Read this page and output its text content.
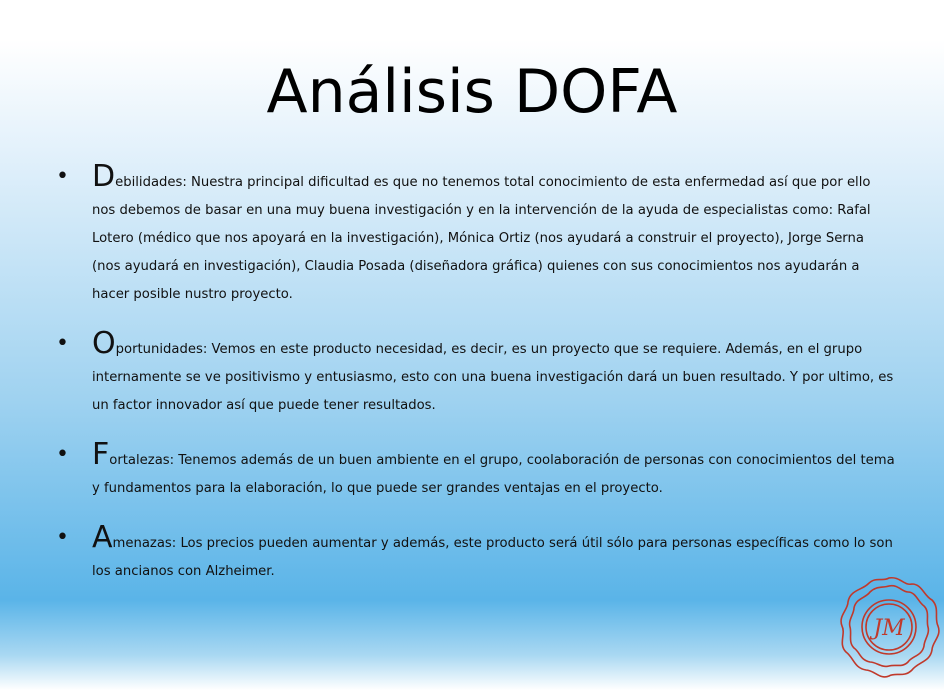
Análisis DOFA
• Debilidades: Nuestra principal dificultad es que no tenemos total conocimiento de esta enfermedad así que por ello nos debemos de basar en una muy buena investigación y en la intervención de la ayuda de especialistas como: Rafal Lotero (médico que nos apoyará en la investigación), Mónica Ortiz (nos ayudará a construir el proyecto), Jorge Serna (nos ayudará en investigación), Claudia Posada (diseñadora gráfica) quienes con sus conocimientos nos ayudarán a hacer posible nustro proyecto.
• Oportunidades: Vemos en este producto necesidad, es decir, es un proyecto que se requiere. Además, en el grupo internamente se ve positivismo y entusiasmo, esto con una buena investigación dará un buen resultado. Y por ultimo, es un factor innovador así que puede tener resultados.
• Fortalezas: Tenemos además de un buen ambiente en el grupo, coolaboración de personas con conocimientos del tema y fundamentos para la elaboración, lo que puede ser grandes ventajas en el proyecto.
• Amenazas: Los precios pueden aumentar y además, este producto será útil sólo para personas específicas como lo son los ancianos con Alzheimer.
JM
